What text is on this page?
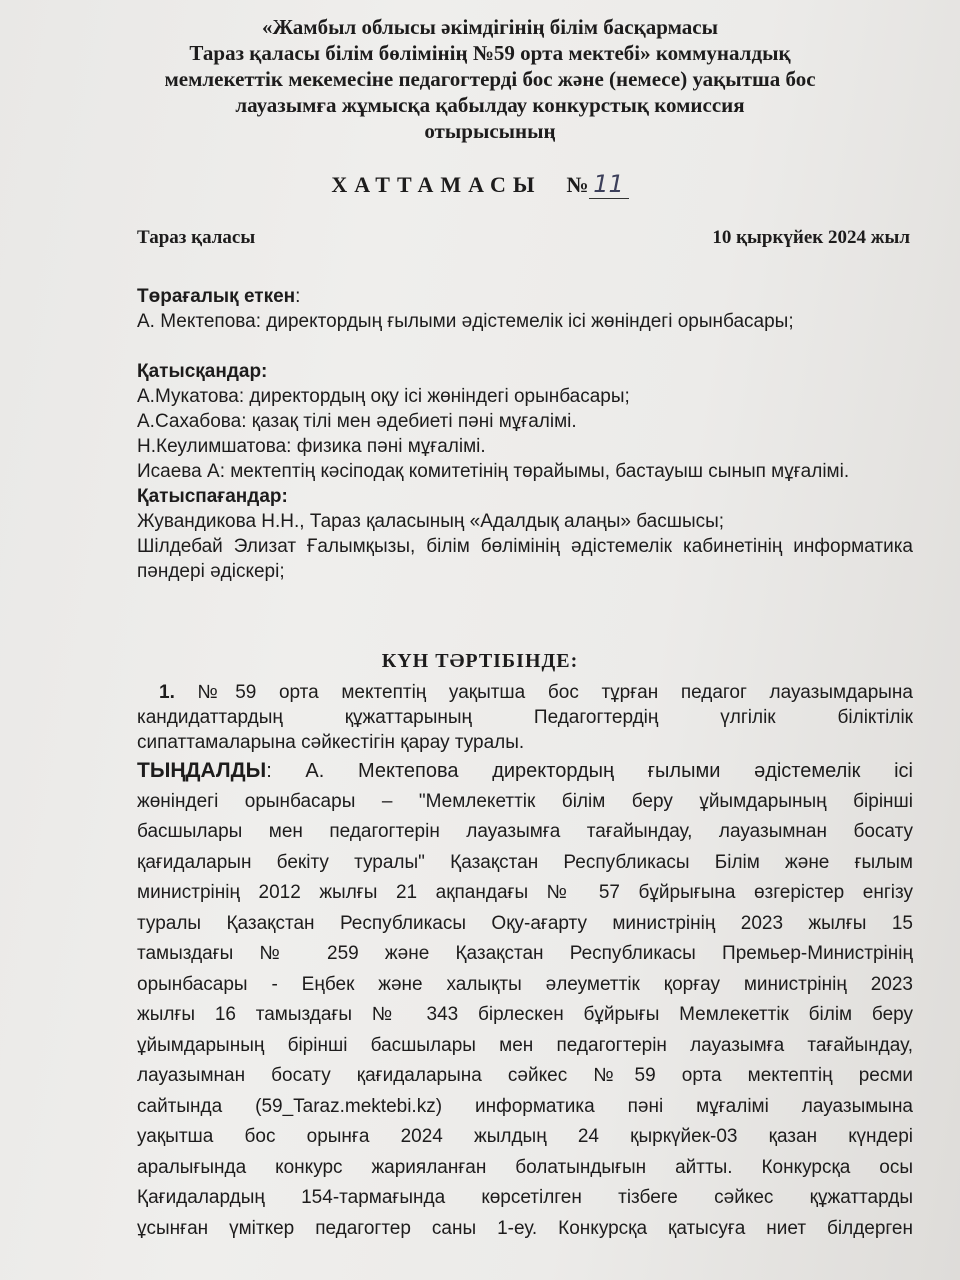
«Жамбыл облысы әкімдігінің білім басқармасы
Тараз қаласы білім бөлімінің №59 орта мектебі» коммуналдық
мемлекеттік мекемесіне педагогтерді бос және (немесе) уақытша бос
лауазымға жұмысқа қабылдау конкурстық комиссия
отырысының
ХАТТАМАСЫ № 11
Тараз қаласы	10 қыркүйек 2024 жыл

Төрағалық еткен:

А. Мектепова: директордың ғылыми әдістемелік ісі жөніндегі орынбасары;

Қатысқандар:

А.Мукатова: директордың оқу ісі жөніндегі орынбасары;

А.Сахабова: қазақ тілі мен әдебиеті пәні мұғалімі.

Н.Кеулимшатова: физика пәні мұғалімі.

Исаева А: мектептің кәсіподақ комитетінің төрайымы, бастауыш сынып мұғалімі.

Қатыспағандар:

Жувандикова Н.Н., Тараз қаласының «Адалдық алаңы» басшысы;

Шілдебай Элизат Ғалымқызы, білім бөлімінің әдістемелік кабинетінің информатика пәндері әдіскері;

КҮН ТӘРТІБІНДЕ:
1. №59 орта мектептің уақытша бос тұрған педагог лауазымдарына
кандидаттардың құжаттарының Педагогтердің үлгілік біліктілік
сипаттамаларына сәйкестігін қарау туралы.
ТЫҢДАЛДЫ: А. Мектепова директордың ғылыми әдістемелік ісі
жөніндегі орынбасары – "Мемлекеттік білім беру ұйымдарының бірінші
басшылары мен педагогтерін лауазымға тағайындау, лауазымнан босату
қағидаларын бекіту туралы" Қазақстан Республикасы Білім және ғылым
министрінің 2012 жылғы 21 ақпандағы № 57 бұйрығына өзгерістер енгізу
туралы Қазақстан Республикасы Оқу-ағарту министрінің 2023 жылғы 15
тамыздағы № 259 және Қазақстан Республикасы Премьер-Министрінің
орынбасары - Еңбек және халықты әлеуметтік қорғау министрінің 2023
жылғы 16 тамыздағы № 343 бірлескен бұйрығы Мемлекеттік білім беру
ұйымдарының бірінші басшылары мен педагогтерін лауазымға тағайындау,
лауазымнан босату қағидаларына сәйкес №59 орта мектептің ресми
сайтында (59_Taraz.mektebi.kz) информатика пәні мұғалімі лауазымына
уақытша бос орынға 2024 жылдың 24 қыркүйек-03 қазан күндері
аралығында конкурс жарияланған болатындығын айтты. Конкурсқа осы
Қағидалардың 154-тармағында көрсетілген тізбеге сәйкес құжаттарды
ұсынған үміткер педагогтер саны 1-еу. Конкурсқа қатысуға ниет білдерген
